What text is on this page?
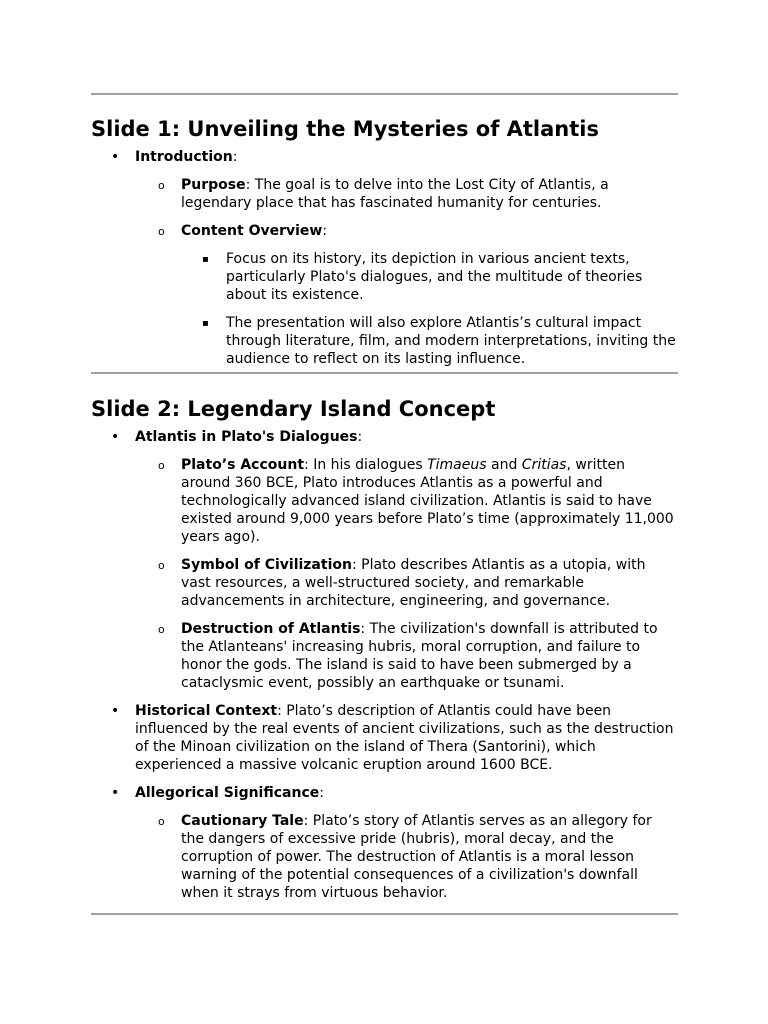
Slide 1: Unveiling the Mysteries of Atlantis
• Introduction:
o Purpose: The goal is to delve into the Lost City of Atlantis, a legendary place that has fascinated humanity for centuries.
o Content Overview:
▪ Focus on its history, its depiction in various ancient texts, particularly Plato's dialogues, and the multitude of theories about its existence.
▪ The presentation will also explore Atlantis’s cultural impact through literature, film, and modern interpretations, inviting the audience to reflect on its lasting influence.
Slide 2: Legendary Island Concept
• Atlantis in Plato's Dialogues:
o Plato’s Account: In his dialogues Timaeus and Critias, written around 360 BCE, Plato introduces Atlantis as a powerful and technologically advanced island civilization. Atlantis is said to have existed around 9,000 years before Plato’s time (approximately 11,000 years ago).
o Symbol of Civilization: Plato describes Atlantis as a utopia, with vast resources, a well-structured society, and remarkable advancements in architecture, engineering, and governance.
o Destruction of Atlantis: The civilization's downfall is attributed to the Atlanteans' increasing hubris, moral corruption, and failure to honor the gods. The island is said to have been submerged by a cataclysmic event, possibly an earthquake or tsunami.
• Historical Context: Plato’s description of Atlantis could have been influenced by the real events of ancient civilizations, such as the destruction of the Minoan civilization on the island of Thera (Santorini), which experienced a massive volcanic eruption around 1600 BCE.
• Allegorical Significance:
o Cautionary Tale: Plato’s story of Atlantis serves as an allegory for the dangers of excessive pride (hubris), moral decay, and the corruption of power. The destruction of Atlantis is a moral lesson warning of the potential consequences of a civilization's downfall when it strays from virtuous behavior.
